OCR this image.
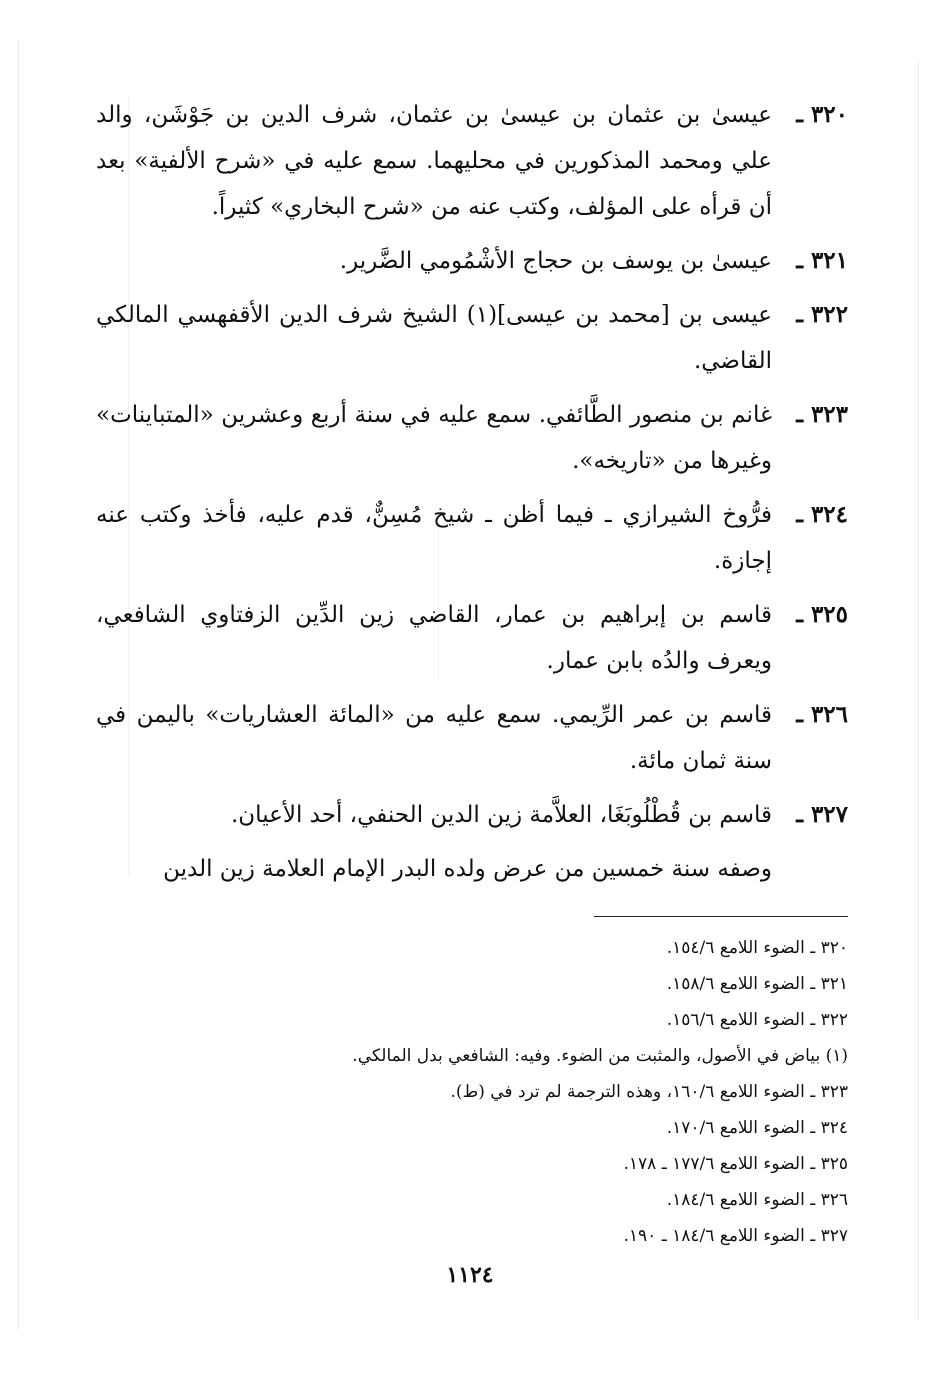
٣٢٠ ـ
عيسىٰ بن عثمان بن عيسىٰ بن عثمان، شرف الدين بن جَوْشَن، والد علي ومحمد المذكورين في محليهما. سمع عليه في «شرح الألفية» بعد أن قرأه على المؤلف، وكتب عنه من «شرح البخاري» كثيراً.
٣٢١ ـ
عيسىٰ بن يوسف بن حجاج الأشْمُومي الضَّرير.
٣٢٢ ـ
عيسى بن [محمد بن عيسى](١) الشيخ شرف الدين الأقفهسي المالكي القاضي.
٣٢٣ ـ
غانم بن منصور الطَّائفي. سمع عليه في سنة أربع وعشرين «المتباينات» وغيرها من «تاريخه».
٣٢٤ ـ
فرُّوخ الشيرازي ـ فيما أظن ـ شيخ مُسِنٌّ، قدم عليه، فأخذ وكتب عنه إجازة.
٣٢٥ ـ
قاسم بن إبراهيم بن عمار، القاضي زين الدِّين الزفتاوي الشافعي، ويعرف والدُه بابن عمار.
٣٢٦ ـ
قاسم بن عمر الرِّيمي. سمع عليه من «المائة العشاريات» باليمن في سنة ثمان مائة.
٣٢٧ ـ
قاسم بن قُطْلُوبَغَا، العلاَّمة زين الدين الحنفي، أحد الأعيان.
وصفه سنة خمسين من عرض ولده البدر الإمام العلامة زين الدين
٣٢٠ ـ الضوء اللامع ١٥٤/٦.
٣٢١ ـ الضوء اللامع ١٥٨/٦.
٣٢٢ ـ الضوء اللامع ١٥٦/٦.
(١) بياض في الأصول، والمثبت من الضوء. وفيه: الشافعي بدل المالكي.
٣٢٣ ـ الضوء اللامع ١٦٠/٦، وهذه الترجمة لم ترد في (ط).
٣٢٤ ـ الضوء اللامع ١٧٠/٦.
٣٢٥ ـ الضوء اللامع ١٧٧/٦ ـ ١٧٨.
٣٢٦ ـ الضوء اللامع ١٨٤/٦.
٣٢٧ ـ الضوء اللامع ١٨٤/٦ ـ ١٩٠.
١١٢٤
